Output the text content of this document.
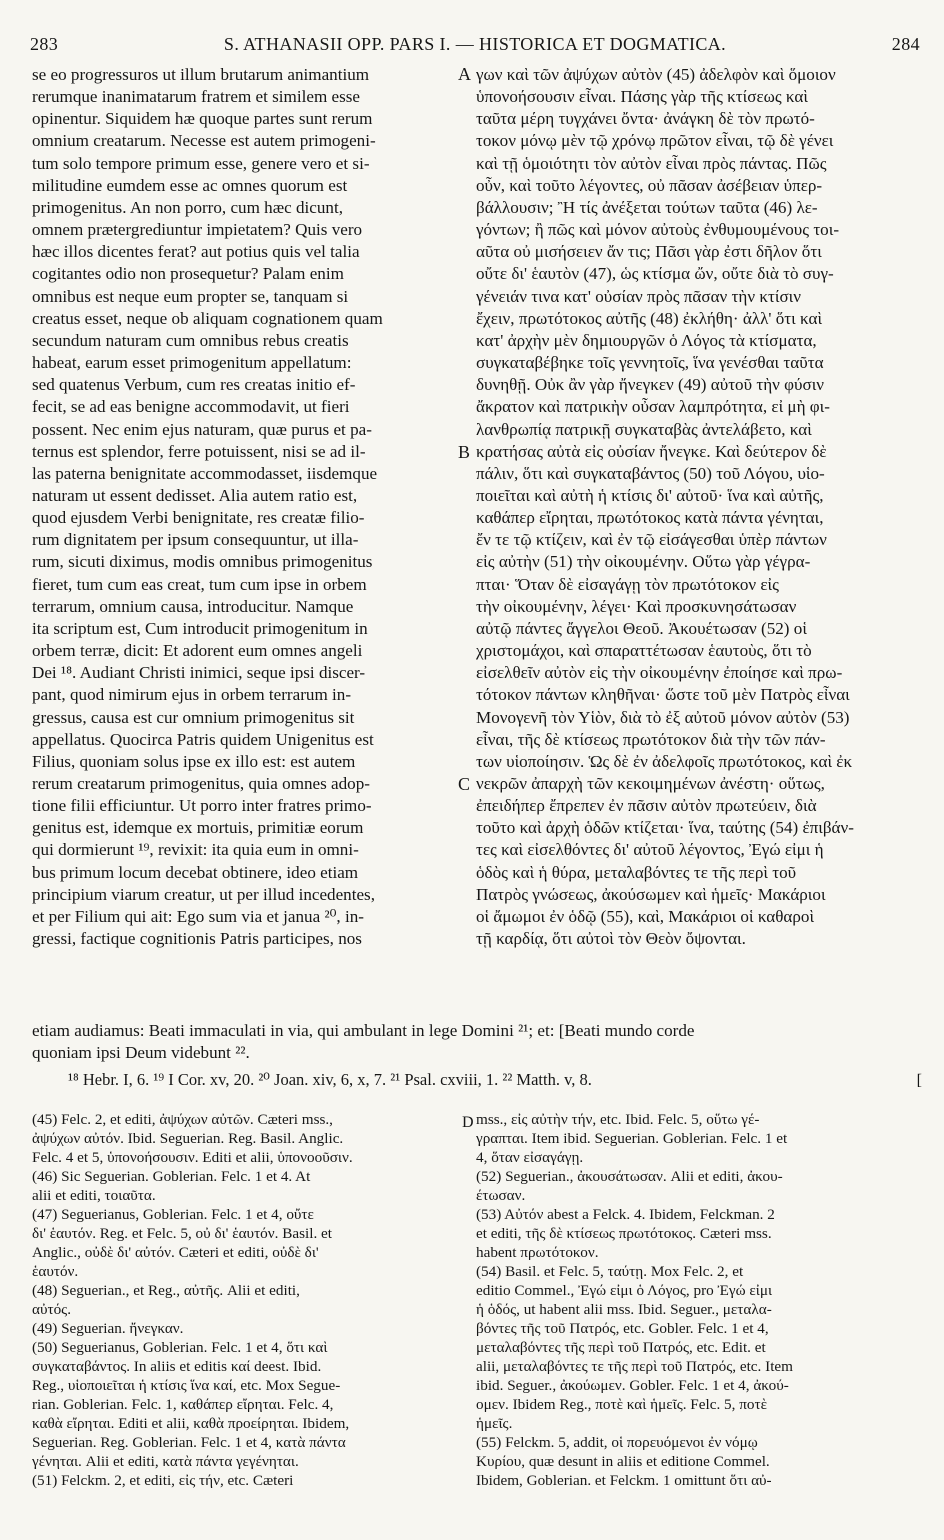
283	S. ATHANASII OPP. PARS I. — HISTORICA ET DOGMATICA.	284
se eo progressuros ut illum brutarum animantium
rerumque inanimatarum fratrem et similem esse
opinentur. Siquidem hæ quoque partes sunt rerum
omnium creatarum. Necesse est autem primogeni-
tum solo tempore primum esse, genere vero et si-
militudine eumdem esse ac omnes quorum est
primogenitus. An non porro, cum hæc dicunt,
omnem prætergrediuntur impietatem? Quis vero
hæc illos dicentes ferat? aut potius quis vel talia
cogitantes odio non prosequetur? Palam enim
omnibus est neque eum propter se, tanquam si
creatus esset, neque ob aliquam cognationem quam
secundum naturam cum omnibus rebus creatis
habeat, earum esset primogenitum appellatum:
sed quatenus Verbum, cum res creatas initio ef-
fecit, se ad eas benigne accommodavit, ut fieri
possent. Nec enim ejus naturam, quæ purus et pa-
ternus est splendor, ferre potuissent, nisi se ad il-
las paterna benignitate accommodasset, iisdemque
naturam ut essent dedisset. Alia autem ratio est,
quod ejusdem Verbi benignitate, res creatæ filio-
rum dignitatem per ipsum consequuntur, ut illa-
rum, sicuti diximus, modis omnibus primogenitus
fieret, tum cum eas creat, tum cum ipse in orbem
terrarum, omnium causa, introducitur. Namque
ita scriptum est, Cum introducit primogenitum in
orbem terræ, dicit: Et adorent eum omnes angeli
Dei ¹⁸. Audiant Christi inimici, seque ipsi discer-
pant, quod nimirum ejus in orbem terrarum in-
gressus, causa est cur omnium primogenitus sit
appellatus. Quocirca Patris quidem Unigenitus est
Filius, quoniam solus ipse ex illo est: est autem
rerum creatarum primogenitus, quia omnes adop-
tione filii efficiuntur. Ut porro inter fratres primo-
genitus est, idemque ex mortuis, primitiæ eorum
qui dormierunt ¹⁹, revixit: ita quia eum in omni-
bus primum locum decebat obtinere, ideo etiam
principium viarum creatur, ut per illud incedentes,
et per Filium qui ait: Ego sum via et janua ²⁰, in-
gressi, factique cognitionis Patris participes, nos
A
B
C
γων καὶ τῶν ἀψύχων αὐτὸν (45) ἀδελφὸν καὶ ὅμοιον
ὑπονοήσουσιν εἶναι. Πάσης γὰρ τῆς κτίσεως καὶ
ταῦτα μέρη τυγχάνει ὄντα· ἀνάγκη δὲ τὸν πρωτό-
τοκον μόνῳ μὲν τῷ χρόνῳ πρῶτον εἶναι, τῷ δὲ γένει
καὶ τῇ ὁμοιότητι τὸν αὐτὸν εἶναι πρὸς πάντας. Πῶς
οὖν, καὶ τοῦτο λέγοντες, οὐ πᾶσαν ἀσέβειαν ὑπερ-
βάλλουσιν; Ἢ τίς ἀνέξεται τούτων ταῦτα (46) λε-
γόντων; ἢ πῶς καὶ μόνον αὐτοὺς ἐνθυμουμένους τοι-
αῦτα οὐ μισήσειεν ἄν τις; Πᾶσι γὰρ ἐστι δῆλον ὅτι
οὔτε δι' ἑαυτὸν (47), ὡς κτίσμα ὤν, οὔτε διὰ τὸ συγ-
γένειάν τινα κατ' οὐσίαν πρὸς πᾶσαν τὴν κτίσιν
ἔχειν, πρωτότοκος αὐτῆς (48) ἐκλήθη· ἀλλ' ὅτι καὶ
κατ' ἀρχὴν μὲν δημιουργῶν ὁ Λόγος τὰ κτίσματα,
συγκαταβέβηκε τοῖς γεννητοῖς, ἵνα γενέσθαι ταῦτα
δυνηθῇ. Οὐκ ἂν γὰρ ἤνεγκεν (49) αὐτοῦ τὴν φύσιν
ἄκρατον καὶ πατρικὴν οὖσαν λαμπρότητα, εἰ μὴ φι-
λανθρωπίᾳ πατρικῇ συγκαταβὰς ἀντελάβετο, καὶ
κρατήσας αὐτὰ εἰς οὐσίαν ἤνεγκε. Καὶ δεύτερον δὲ
πάλιν, ὅτι καὶ συγκαταβάντος (50) τοῦ Λόγου, υἱο-
ποιεῖται καὶ αὐτὴ ἡ κτίσις δι' αὐτοῦ· ἵνα καὶ αὐτῆς,
καθάπερ εἴρηται, πρωτότοκος κατὰ πάντα γένηται,
ἔν τε τῷ κτίζειν, καὶ ἐν τῷ εἰσάγεσθαι ὑπὲρ πάντων
εἰς αὐτὴν (51) τὴν οἰκουμένην. Οὕτω γὰρ γέγρα-
πται· Ὅταν δὲ εἰσαγάγῃ τὸν πρωτότοκον εἰς
τὴν οἰκουμένην, λέγει· Καὶ προσκυνησάτωσαν
αὐτῷ πάντες ἄγγελοι Θεοῦ. Ἀκουέτωσαν (52) οἱ
χριστομάχοι, καὶ σπαραττέτωσαν ἑαυτοὺς, ὅτι τὸ
εἰσελθεῖν αὐτὸν εἰς τὴν οἰκουμένην ἐποίησε καὶ πρω-
τότοκον πάντων κληθῆναι· ὥστε τοῦ μὲν Πατρὸς εἶναι
Μονογενῆ τὸν Υἱὸν, διὰ τὸ ἐξ αὐτοῦ μόνον αὐτὸν (53)
εἶναι, τῆς δὲ κτίσεως πρωτότοκον διὰ τὴν τῶν πάν-
των υἱοποίησιν. Ὡς δὲ ἐν ἀδελφοῖς πρωτότοκος, καὶ ἐκ
νεκρῶν ἀπαρχὴ τῶν κεκοιμημένων ἀνέστη· οὕτως,
ἐπειδήπερ ἔπρεπεν ἐν πᾶσιν αὐτὸν πρωτεύειν, διὰ
τοῦτο καὶ ἀρχὴ ὁδῶν κτίζεται· ἵνα, ταύτης (54) ἐπιβάν-
τες καὶ εἰσελθόντες δι' αὐτοῦ λέγοντος, Ἐγώ εἰμι ἡ
ὁδὸς καὶ ἡ θύρα, μεταλαβόντες τε τῆς περὶ τοῦ
Πατρὸς γνώσεως, ἀκούσωμεν καὶ ἡμεῖς· Μακάριοι
οἱ ἄμωμοι ἐν ὁδῷ (55), καὶ, Μακάριοι οἱ καθαροὶ
τῇ καρδίᾳ, ὅτι αὐτοὶ τὸν Θεὸν ὄψονται.
etiam audiamus: Beati immaculati in via, qui ambulant in lege Domini ²¹; et: [Beati mundo corde
quoniam ipsi Deum videbunt ²².
¹⁸ Hebr. I, 6. ¹⁹ I Cor. xv, 20. ²⁰ Joan. xiv, 6, x, 7. ²¹ Psal. cxviii, 1. ²² Matth. v, 8.	[
(45) Felc. 2, et editi, ἀψύχων αὐτῶν. Cæteri mss.,
ἀψύχων αὐτόν. Ibid. Seguerian. Reg. Basil. Anglic.
Felc. 4 et 5, ὑπονοήσουσιν. Editi et alii, ὑπονοοῦσιν.
(46) Sic Seguerian. Goblerian. Felc. 1 et 4. At
alii et editi, τοιαῦτα.
(47) Seguerianus, Goblerian. Felc. 1 et 4, οὔτε
δι' ἑαυτόν. Reg. et Felc. 5, οὐ δι' ἑαυτόν. Basil. et
Anglic., οὐδὲ δι' αὐτόν. Cæteri et editi, οὐδὲ δι'
ἑαυτόν.
(48) Seguerian., et Reg., αὐτῆς. Alii et editi,
αὐτός.
(49) Seguerian. ἤνεγκαν.
(50) Seguerianus, Goblerian. Felc. 1 et 4, ὅτι καὶ
συγκαταβάντος. In aliis et editis καί deest. Ibid.
Reg., υἱοποιεῖται ἡ κτίσις ἵνα καί, etc. Mox Segue-
rian. Goblerian. Felc. 1, καθάπερ εἴρηται. Felc. 4,
καθὰ εἴρηται. Editi et alii, καθὰ προείρηται. Ibidem,
Seguerian. Reg. Goblerian. Felc. 1 et 4, κατὰ πάντα
γένηται. Alii et editi, κατὰ πάντα γεγένηται.
(51) Felckm. 2, et editi, εἰς τήν, etc. Cæteri
D mss., εἰς αὐτὴν τήν, etc. Ibid. Felc. 5, οὕτω γέ-
γραπται. Item ibid. Seguerian. Goblerian. Felc. 1 et
4, ὅταν εἰσαγάγῃ.
(52) Seguerian., ἀκουσάτωσαν. Alii et editi, ἀκου-
έτωσαν.
(53) Αὐτόν abest a Felck. 4. Ibidem, Felckman. 2
et editi, τῆς δὲ κτίσεως πρωτότοκος. Cæteri mss.
habent πρωτότοκον.
(54) Basil. et Felc. 5, ταύτῃ. Mox Felc. 2, et
editio Commel., Ἐγώ εἰμι ὁ Λόγος, pro Ἐγώ εἰμι
ἡ ὁδός, ut habent alii mss. Ibid. Seguer., μεταλα-
βόντες τῆς τοῦ Πατρός, etc. Gobler. Felc. 1 et 4,
μεταλαβόντες τῆς περὶ τοῦ Πατρός, etc. Edit. et
alii, μεταλαβόντες τε τῆς περὶ τοῦ Πατρός, etc. Item
ibid. Seguer., ἀκούωμεν. Gobler. Felc. 1 et 4, ἀκού-
ομεν. Ibidem Reg., ποτὲ καὶ ἡμεῖς. Felc. 5, ποτὲ
ἡμεῖς.
(55) Felckm. 5, addit, οἱ πορευόμενοι ἐν νόμῳ
Κυρίου, quæ desunt in aliis et editione Commel.
Ibidem, Goblerian. et Felckm. 1 omittunt ὅτι αὐ-
